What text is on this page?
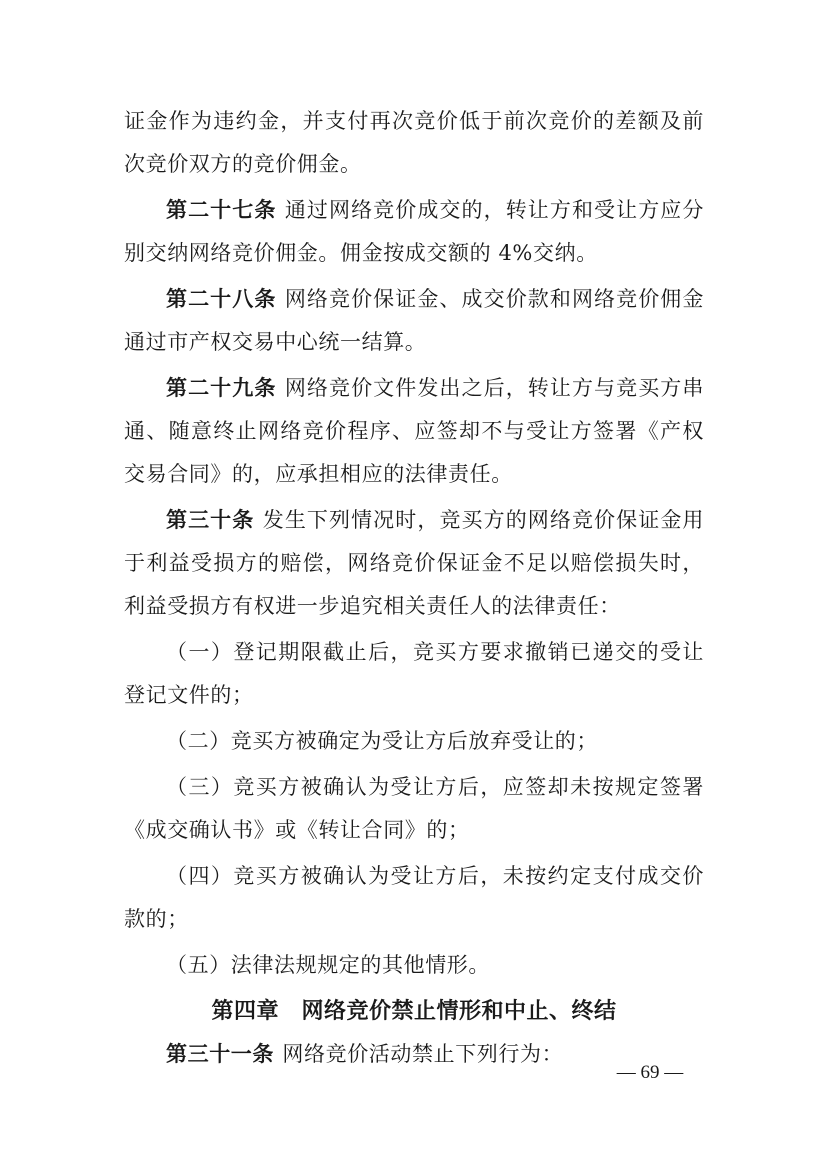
证金作为违约金，并支付再次竞价低于前次竞价的差额及前次竞价双方的竞价佣金。

第二十七条 通过网络竞价成交的，转让方和受让方应分别交纳网络竞价佣金。佣金按成交额的 4%交纳。

第二十八条 网络竞价保证金、成交价款和网络竞价佣金通过市产权交易中心统一结算。

第二十九条 网络竞价文件发出之后，转让方与竞买方串通、随意终止网络竞价程序、应签却不与受让方签署《产权交易合同》的，应承担相应的法律责任。

第三十条 发生下列情况时，竞买方的网络竞价保证金用于利益受损方的赔偿，网络竞价保证金不足以赔偿损失时，利益受损方有权进一步追究相关责任人的法律责任：

（一）登记期限截止后，竞买方要求撤销已递交的受让登记文件的；

（二）竞买方被确定为受让方后放弃受让的；

（三）竞买方被确认为受让方后，应签却未按规定签署《成交确认书》或《转让合同》的；

（四）竞买方被确认为受让方后，未按约定支付成交价款的；

（五）法律法规规定的其他情形。

第四章　网络竞价禁止情形和中止、终结

第三十一条 网络竞价活动禁止下列行为：

— 69 —
